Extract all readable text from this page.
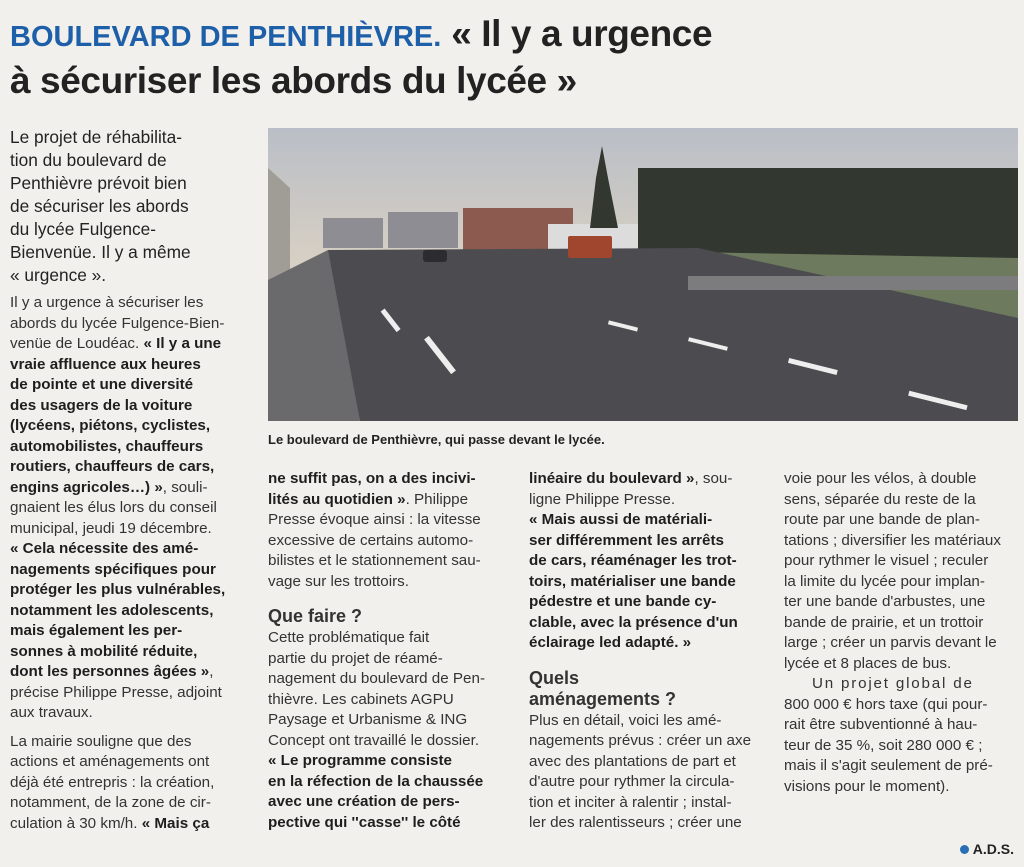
BOULEVARD DE PENTHIÈVRE. « Il y a urgence
à sécuriser les abords du lycée »
Le projet de réhabilita-
tion du boulevard de
Penthièvre prévoit bien
de sécuriser les abords
du lycée Fulgence-
Bienvenüe. Il y a même
« urgence ».
Le boulevard de Penthièvre, qui passe devant le lycée.
Il y a urgence à sécuriser les
abords du lycée Fulgence-Bien-
venüe de Loudéac. « Il y a une
vraie affluence aux heures
de pointe et une diversité
des usagers de la voiture
(lycéens, piétons, cyclistes,
automobilistes, chauffeurs
routiers, chauffeurs de cars,
engins agricoles…) », souli-
gnaient les élus lors du conseil
municipal, jeudi 19 décembre.
« Cela nécessite des amé-
nagements spécifiques pour
protéger les plus vulnérables,
notamment les adolescents,
mais également les per-
sonnes à mobilité réduite,
dont les personnes âgées »,
précise Philippe Presse, adjoint
aux travaux.
La mairie souligne que des
actions et aménagements ont
déjà été entrepris : la création,
notamment, de la zone de cir-
culation à 30 km/h. « Mais ça
ne suffit pas, on a des incivi-
lités au quotidien ». Philippe
Presse évoque ainsi : la vitesse
excessive de certains automo-
bilistes et le stationnement sau-
vage sur les trottoirs.
Que faire ?
Cette problématique fait
partie du projet de réamé-
nagement du boulevard de Pen-
thièvre. Les cabinets AGPU
Paysage et Urbanisme & ING
Concept ont travaillé le dossier.
« Le programme consiste
en la réfection de la chaussée
avec une création de pers-
pective qui ''casse'' le côté
linéaire du boulevard », sou-
ligne Philippe Presse.
« Mais aussi de matériali-
ser différemment les arrêts
de cars, réaménager les trot-
toirs, matérialiser une bande
pédestre et une bande cy-
clable, avec la présence d'un
éclairage led adapté. »
Quels
aménagements ?
Plus en détail, voici les amé-
nagements prévus : créer un axe
avec des plantations de part et
d'autre pour rythmer la circula-
tion et inciter à ralentir ; instal-
ler des ralentisseurs ; créer une
voie pour les vélos, à double
sens, séparée du reste de la
route par une bande de plan-
tations ; diversifier les matériaux
pour rythmer le visuel ; reculer
la limite du lycée pour implan-
ter une bande d'arbustes, une
bande de prairie, et un trottoir
large ; créer un parvis devant le
lycée et 8 places de bus.
Un projet global de
800 000 € hors taxe (qui pour-
rait être subventionné à hau-
teur de 35 %, soit 280 000 € ;
mais il s'agit seulement de pré-
visions pour le moment).
A.D.S.
